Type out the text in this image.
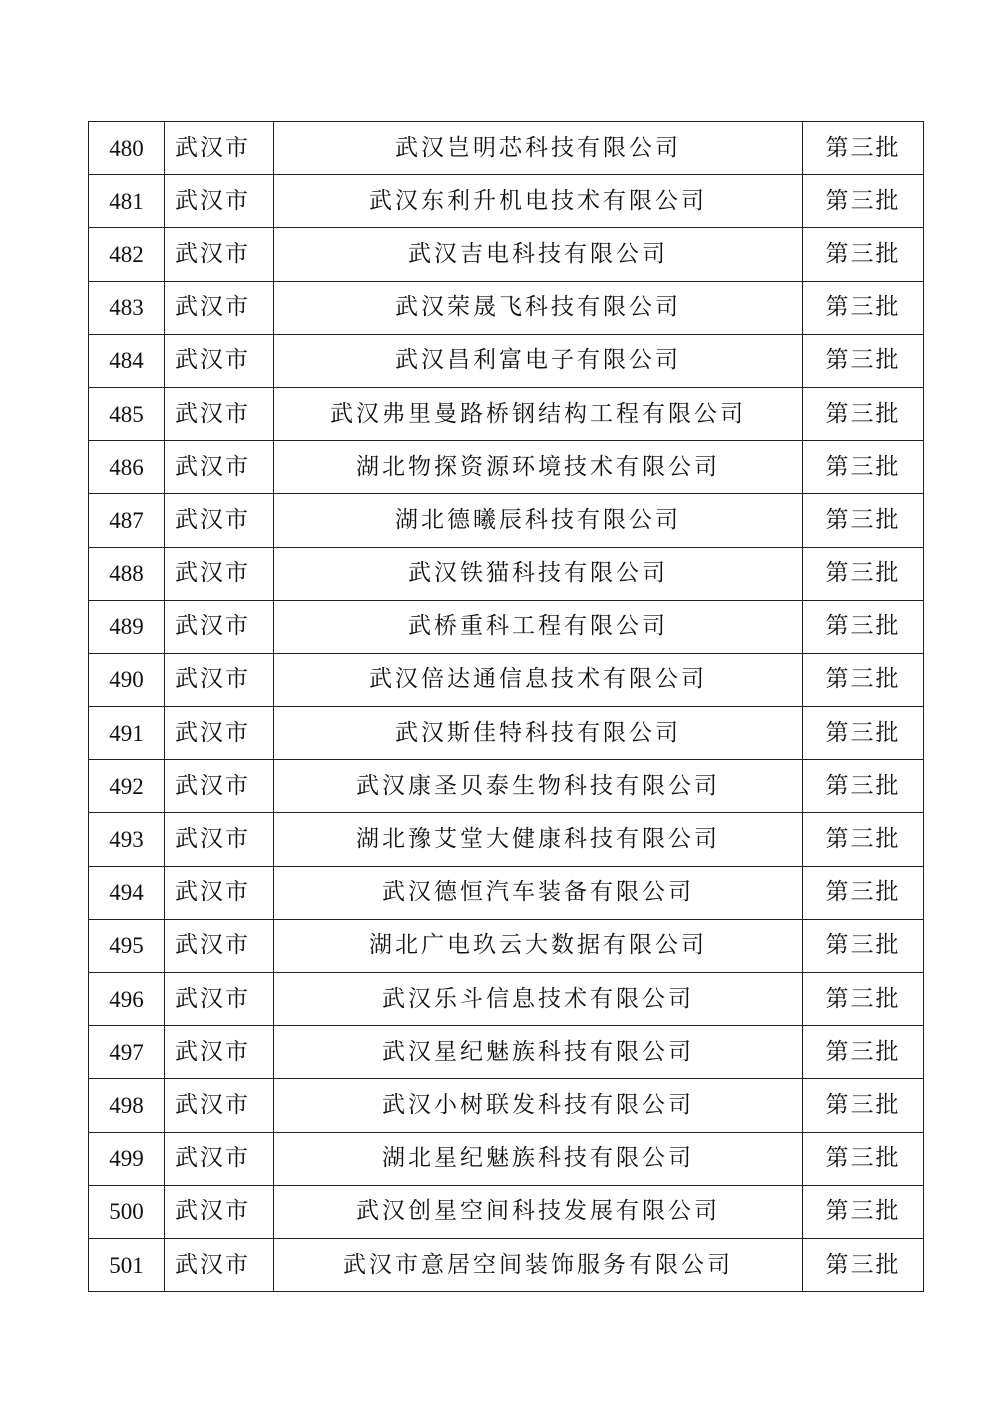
480	武汉市	武汉岂明芯科技有限公司	第三批
481	武汉市	武汉东利升机电技术有限公司	第三批
482	武汉市	武汉吉电科技有限公司	第三批
483	武汉市	武汉荣晟飞科技有限公司	第三批
484	武汉市	武汉昌利富电子有限公司	第三批
485	武汉市	武汉弗里曼路桥钢结构工程有限公司	第三批
486	武汉市	湖北物探资源环境技术有限公司	第三批
487	武汉市	湖北德曦辰科技有限公司	第三批
488	武汉市	武汉铁猫科技有限公司	第三批
489	武汉市	武桥重科工程有限公司	第三批
490	武汉市	武汉倍达通信息技术有限公司	第三批
491	武汉市	武汉斯佳特科技有限公司	第三批
492	武汉市	武汉康圣贝泰生物科技有限公司	第三批
493	武汉市	湖北豫艾堂大健康科技有限公司	第三批
494	武汉市	武汉德恒汽车装备有限公司	第三批
495	武汉市	湖北广电玖云大数据有限公司	第三批
496	武汉市	武汉乐斗信息技术有限公司	第三批
497	武汉市	武汉星纪魅族科技有限公司	第三批
498	武汉市	武汉小树联发科技有限公司	第三批
499	武汉市	湖北星纪魅族科技有限公司	第三批
500	武汉市	武汉创星空间科技发展有限公司	第三批
501	武汉市	武汉市意居空间装饰服务有限公司	第三批
